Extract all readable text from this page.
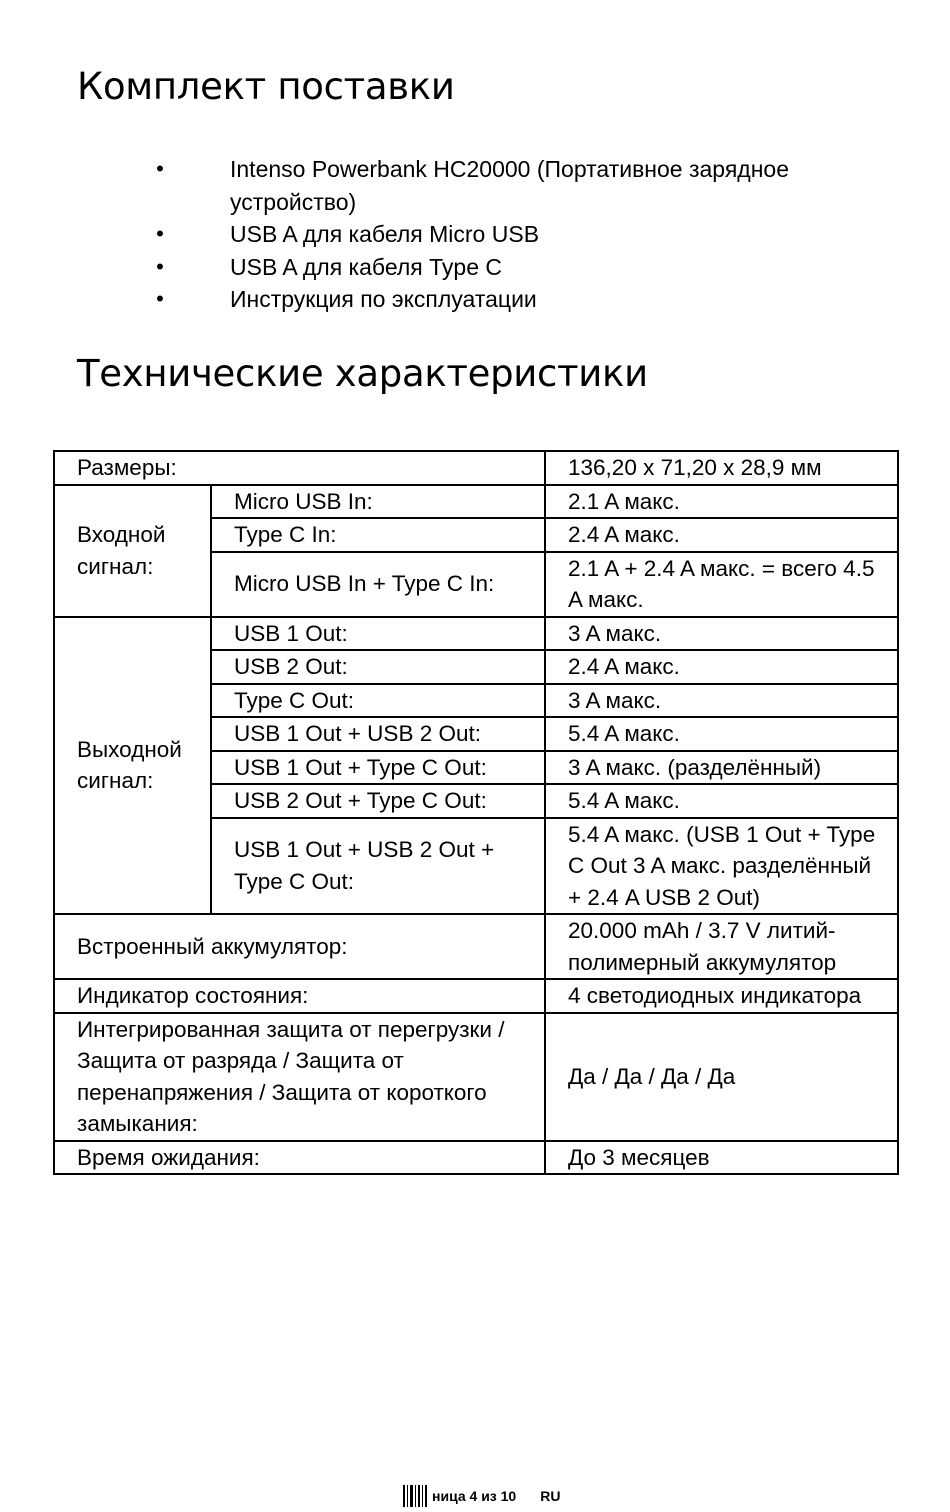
Комплект поставки
•	Intenso Powerbank HC20000 (Портативное зарядное устройство)
•	USB A для кабеля Micro USB
•	USB A для кабеля Type C
•	Инструкция по эксплуатации
Технические характеристики
Размеры:		136,20 x 71,20 x 28,9 мм
Входной сигнал:	Micro USB In:	2.1 A макс.
	Type C In:	2.4 A макс.
	Micro USB In + Type C In:	2.1 A + 2.4 A макс. = всего 4.5 A макс.
Выходной сигнал:	USB 1 Out:	3 A макс.
	USB 2 Out:	2.4 A макс.
	Type C Out:	3 A макс.
	USB 1 Out + USB 2 Out:	5.4 A макс.
	USB 1 Out + Type C Out:	3 A макс. (разделённый)
	USB 2 Out + Type C Out:	5.4 A макс.
	USB 1 Out + USB 2 Out + Type C Out:	5.4 A макс. (USB 1 Out + Type C Out 3 A макс. разделённый + 2.4 A USB 2 Out)
Встроенный аккумулятор:		20.000 mAh / 3.7 V литий-полимерный аккумулятор
Индикатор состояния:		4 светодиодных индикатора
Интегрированная защита от перегрузки / Защита от разряда / Защита от перенапряжения / Защита от короткого замыкания:		Да / Да / Да / Да
Время ожидания:		До 3 месяцев
ница 4 из 10 RU
